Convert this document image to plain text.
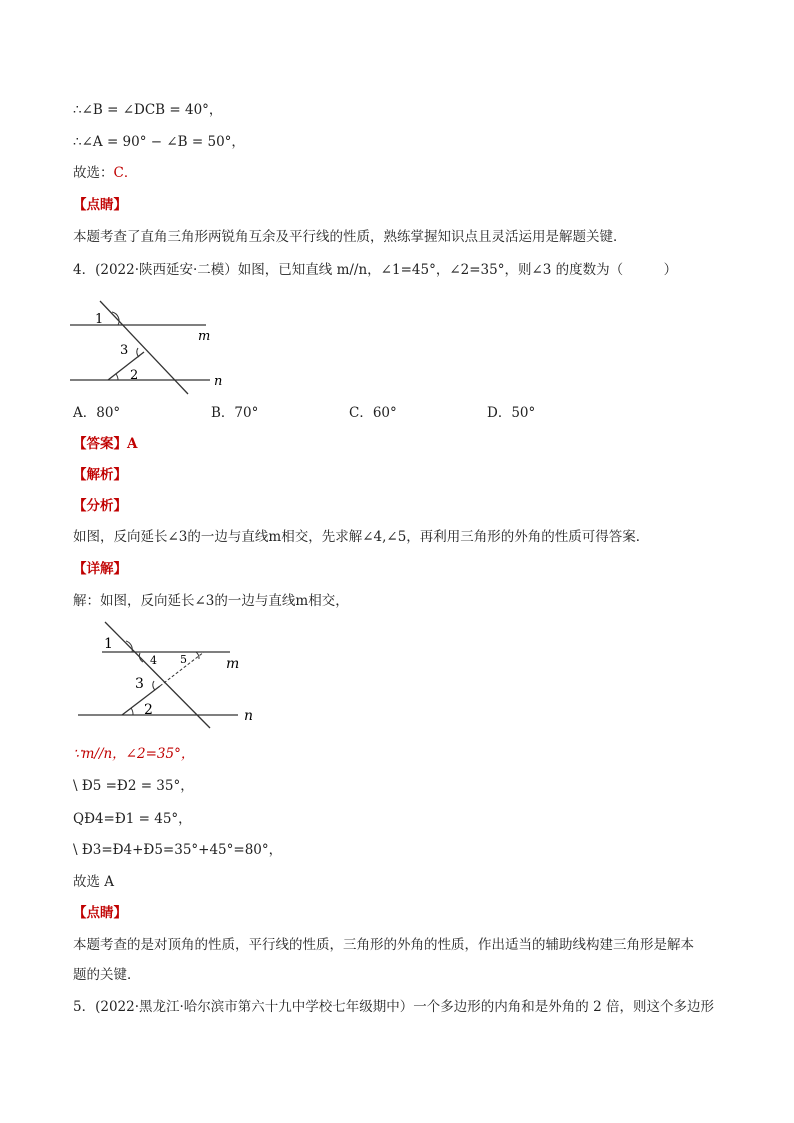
∴∠B = ∠DCB = 40°，
∴∠A = 90° − ∠B = 50°，
故选：C．
【点睛】
本题考查了直角三角形两锐角互余及平行线的性质，熟练掌握知识点且灵活运用是解题关键．
4．(2022·陕西延安·二模）如图，已知直线 m//n，∠1=45°，∠2=35°，则∠3 的度数为（　　　）
1
3
2
m
n
A．80°	B．70°	C．60°	D．50°
【答案】A
【解析】
【分析】
如图，反向延长∠3的一边与直线m相交，先求解∠4,∠5，再利用三角形的外角的性质可得答案．
【详解】
解：如图，反向延长∠3的一边与直线m相交，
1
4 5
3
2
m
n
∵m//n，∠2=35°，
\ Ð5 =Ð2 = 35°，
QÐ4=Ð1 = 45°，
\ Ð3=Ð4+Ð5=35°+45°=80°，
故选 A
【点睛】
本题考查的是对顶角的性质，平行线的性质，三角形的外角的性质，作出适当的辅助线构建三角形是解本
题的关键．
5．(2022·黑龙江·哈尔滨市第六十九中学校七年级期中）一个多边形的内角和是外角的 2 倍，则这个多边形
